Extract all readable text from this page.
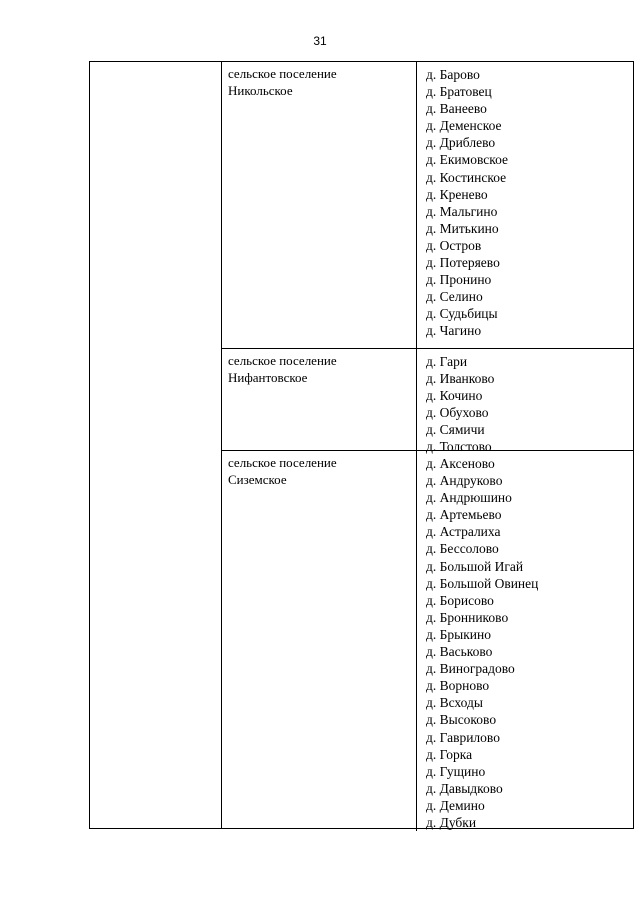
31
сельское поселение
Никольское
д. Барово
д. Братовец
д. Ванеево
д. Деменское
д. Дриблево
д. Екимовское
д. Костинское
д. Кренево
д. Мальгино
д. Митькино
д. Остров
д. Потеряево
д. Пронино
д. Селино
д. Судьбицы
д. Чагино
сельское поселение
Нифантовское
д. Гари
д. Иванково
д. Кочино
д. Обухово
д. Сямичи
д. Толстово
сельское поселение
Сиземское
д. Аксеново
д. Андруково
д. Андрюшино
д. Артемьево
д. Астралиха
д. Бессолово
д. Большой Игай
д. Большой Овинец
д. Борисово
д. Бронниково
д. Брыкино
д. Васьково
д. Виноградово
д. Ворново
д. Всходы
д. Высоково
д. Гаврилово
д. Горка
д. Гущино
д. Давыдково
д. Демино
д. Дубки
